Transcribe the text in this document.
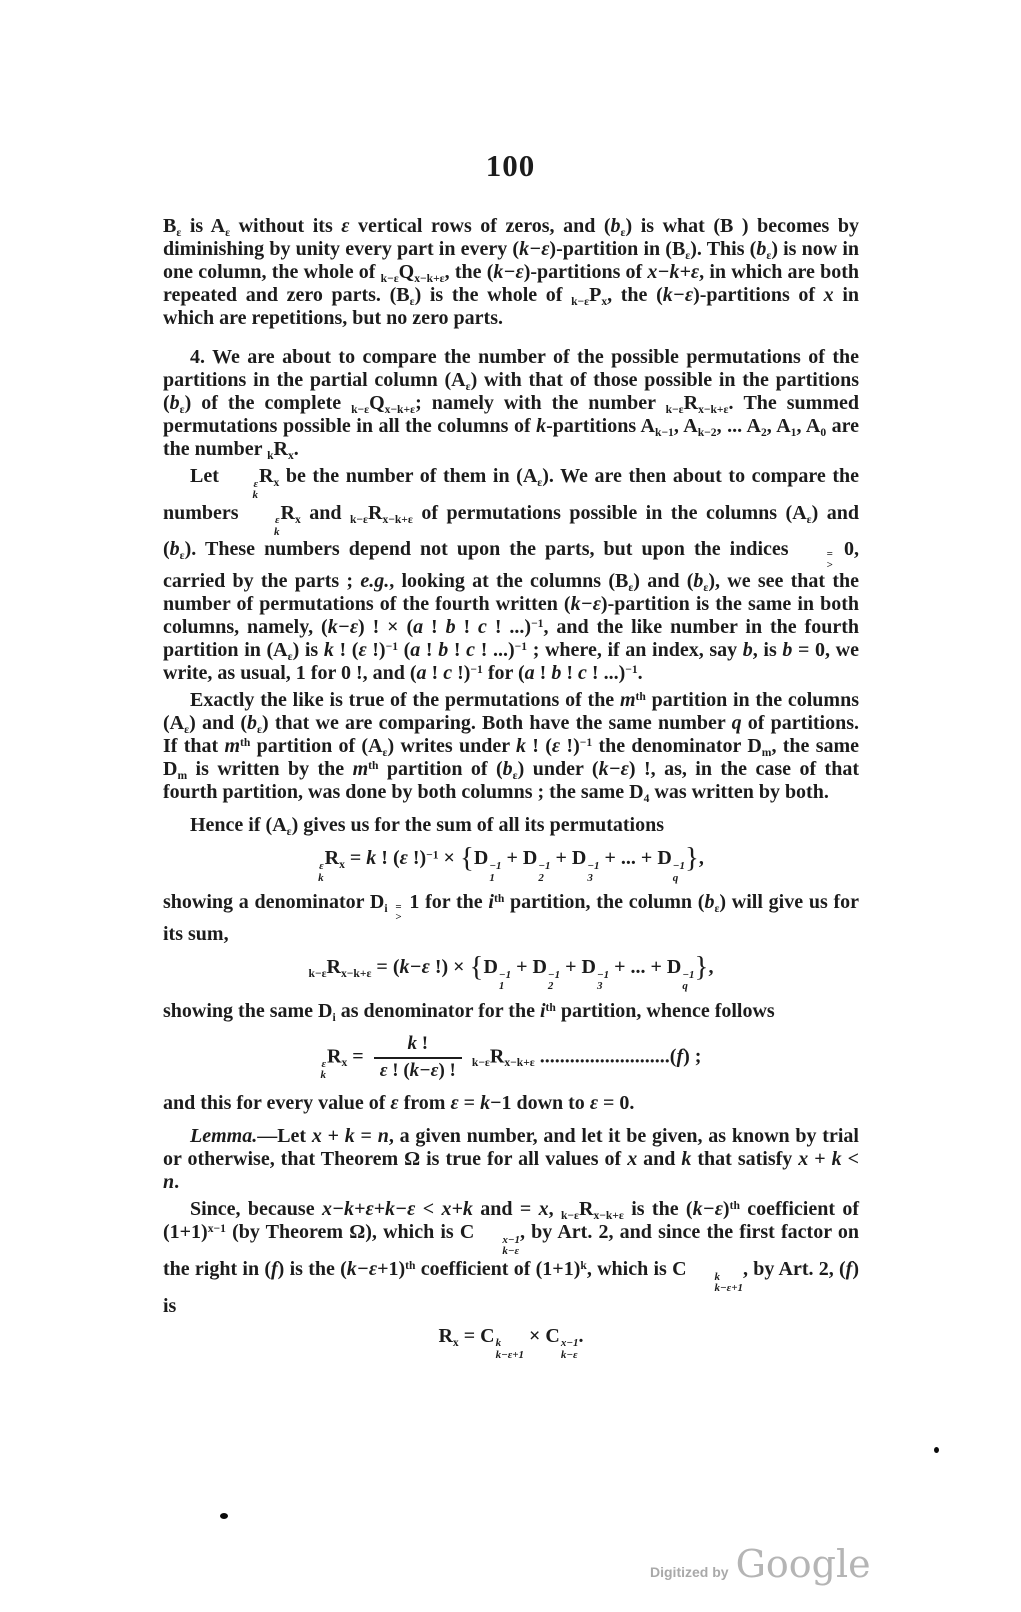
100

$B_\varepsilon$ is $A_\varepsilon$ without its ε vertical rows of zeros, and $(b_\varepsilon)$ is what (B ) becomes by diminishing by unity every part in every (k−ε)-partition in $(B_\varepsilon)$. This $(b_\varepsilon)$ is now in one column, the whole of $_{k-\varepsilon}Q_{x-k+\varepsilon}$, the (k−ε)-partitions of x−k+ε, in which are both repeated and zero parts. $(B_\varepsilon)$ is the whole of $_{k-\varepsilon}P_x$, the (k−ε)-partitions of x in which are repetitions, but no zero parts.

4. We are about to compare the number of the possible permutations of the partitions in the partial column $(A_\varepsilon)$ with that of those possible in the partitions $(b_\varepsilon)$ of the complete $_{k-\varepsilon}Q_{x-k+\varepsilon}$; namely with the number $_{k-\varepsilon}R_{x-k+\varepsilon}$. The summed permutations possible in all the columns of k-partitions $A_{k-1}$, $A_{k-2}$, ... $A_2$, $A_1$, $A_0$ are the number $_kR_x$.

Let	ε
k
$R_x$ be the number of them in $(A_\varepsilon)$. We are then about to compare the numbers	ε
k
$R_x$ and $_{k-\varepsilon}R_{x-k+\varepsilon}$ of permutations possible in the columns $(A_\varepsilon)$ and $(b_\varepsilon)$. These numbers depend not upon the parts, but upon the indices	=
>
0, carried by the parts ; e.g., looking at the columns $(B_\varepsilon)$ and $(b_\varepsilon)$, we see that the number of permutations of the fourth written (k−ε)-partition is the same in both columns, namely, (k−ε) ! × (a ! b ! c ! ...)$^{-1}$, and the like number in the fourth partition in $(A_\varepsilon)$ is k ! (ε !)$^{-1}$ (a ! b ! c ! ...)$^{-1}$ ; where, if an index, say b, is b = 0, we write, as usual, 1 for 0 !, and (a ! c !)$^{-1}$ for (a ! b ! c ! ...)$^{-1}$.

Exactly the like is true of the permutations of the $m^{th}$ partition in the columns $(A_\varepsilon)$ and $(b_\varepsilon)$ that we are comparing. Both have the same number q of partitions. If that $m^{th}$ partition of $(A_\varepsilon)$ writes under k ! (ε !)$^{-1}$ the denominator $D_m$, the same $D_m$ is written by the $m^{th}$ partition of $(b_\varepsilon)$ under (k−ε) !, as, in the case of that fourth partition, was done by both columns ; the same $D_4$ was written by both.

Hence if $(A_\varepsilon)$ gives us for the sum of all its permutations

ε
k
$R_x = k$ ! (ε !)$^{-1}$ × {D −1
1
+ D −1
2
+ D −1
3
+ ... + D −1
q
},

showing a denominator $D_i$ =
>
1 for the $i^{th}$ partition, the column $(b_\varepsilon)$ will give us for its sum,

$_{k-\varepsilon}R_{x-k+\varepsilon} = (k-\varepsilon$ !) × {D −1
1
+ D −1
2
+ D −1
3
+ ... + D −1
q
},

showing the same $D_i$ as denominator for the $i^{th}$ partition, whence follows

ε
k
$R_x = \frac{k !}{\varepsilon ! (k-\varepsilon) !} _{k-\varepsilon}R_{x-k+\varepsilon}$ ..........................(f) ;

and this for every value of ε from ε = k−1 down to ε = 0.

Lemma.—Let x + k = n, a given number, and let it be given, as known by trial or otherwise, that Theorem Ω is true for all values of x and k that satisfy x + k < n.

Since, because x−k+ε+k−ε < x+k and = x, $_{k-\varepsilon}R_{x-k+\varepsilon}$ is the $(k-\varepsilon)^{th}$ coefficient of $(1+1)^{x-1}$ (by Theorem Ω), which is C	x−1
k−ε
, by Art. 2, and since the first factor on the right in (f) is the $(k-\varepsilon+1)^{th}$ coefficient of $(1+1)^k$, which is C	k
k−ε+1
, by Art. 2, (f) is

$R_x = C$ k
k−ε+1
× C x−1
k−ε
.
Digitized by Google
